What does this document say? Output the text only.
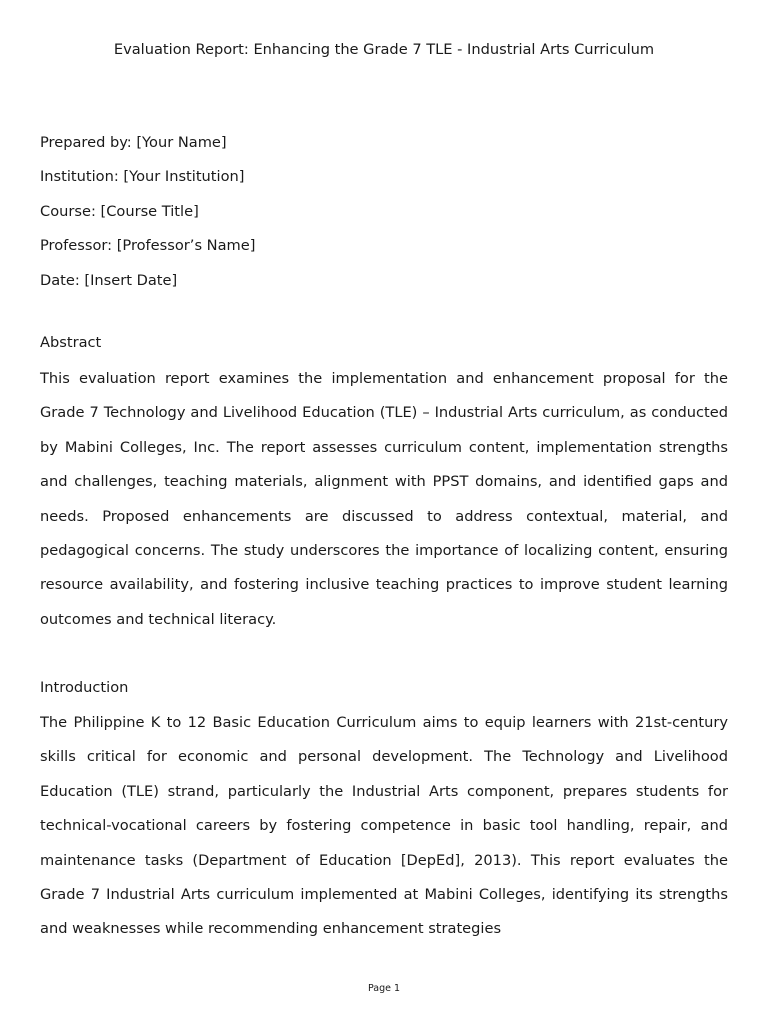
Evaluation Report: Enhancing the Grade 7 TLE - Industrial Arts Curriculum
Prepared by: [Your Name]
Institution: [Your Institution]
Course: [Course Title]
Professor: [Professor’s Name]
Date: [Insert Date]
Abstract

This evaluation report examines the implementation and enhancement proposal for the Grade 7 Technology and Livelihood Education (TLE) – Industrial Arts curriculum, as conducted by Mabini Colleges, Inc. The report assesses curriculum content, implementation strengths and challenges, teaching materials, alignment with PPST domains, and identified gaps and needs. Proposed enhancements are discussed to address contextual, material, and pedagogical concerns. The study underscores the importance of localizing content, ensuring resource availability, and fostering inclusive teaching practices to improve student learning outcomes and technical literacy.

Introduction

The Philippine K to 12 Basic Education Curriculum aims to equip learners with 21st-century skills critical for economic and personal development. The Technology and Livelihood Education (TLE) strand, particularly the Industrial Arts component, prepares students for technical-vocational careers by fostering competence in basic tool handling, repair, and maintenance tasks (Department of Education [DepEd], 2013). This report evaluates the Grade 7 Industrial Arts curriculum implemented at Mabini Colleges, identifying its strengths and weaknesses while recommending enhancement strategies

Page 1
